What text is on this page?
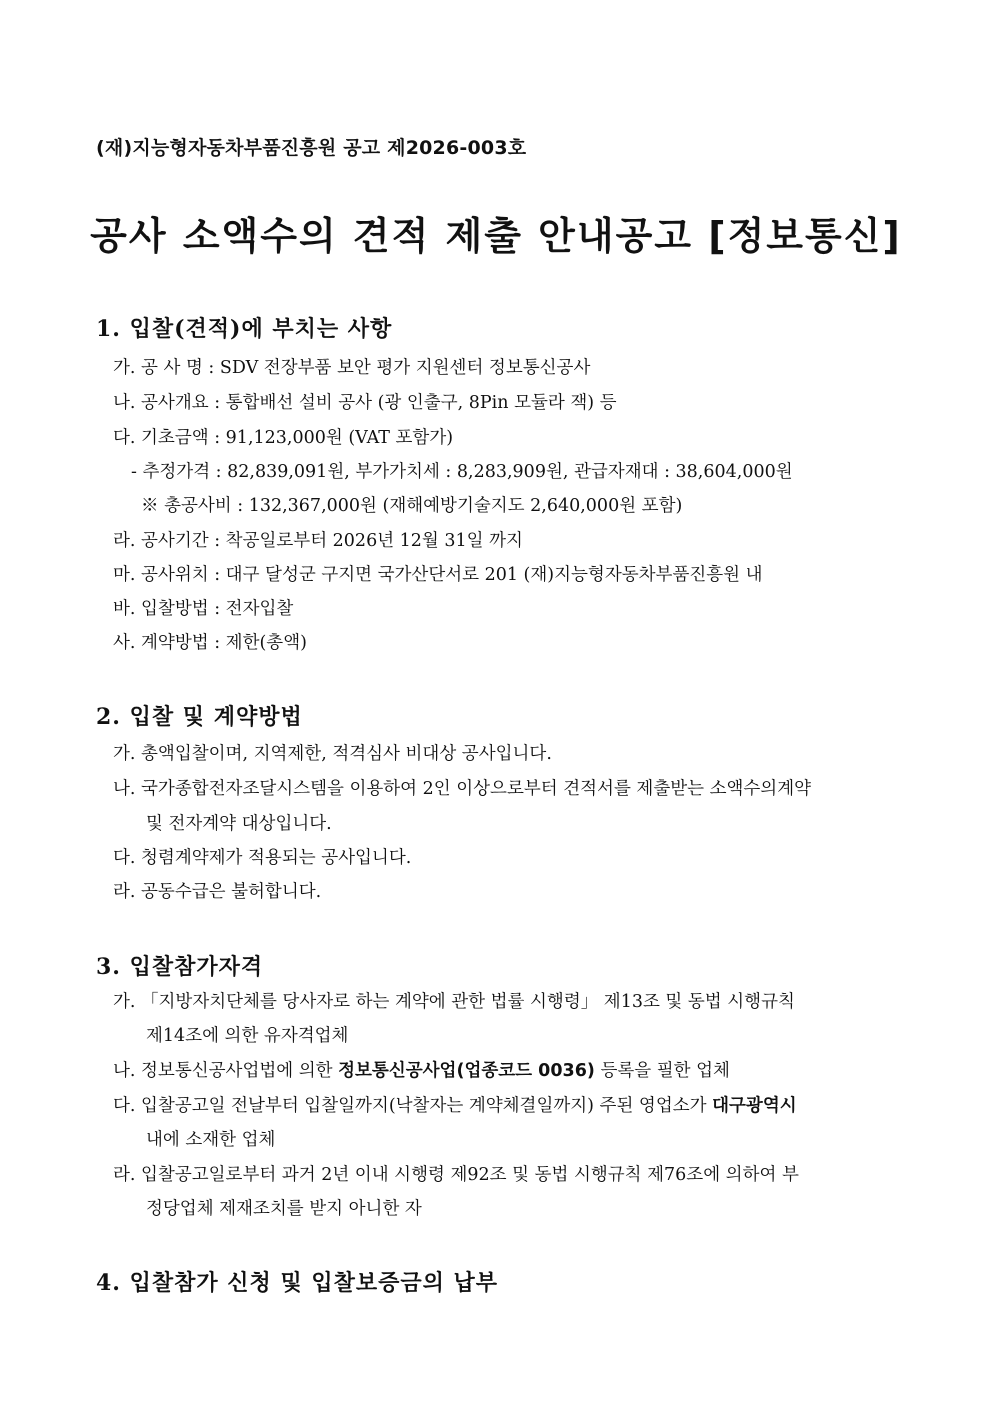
(재)지능형자동차부품진흥원 공고 제2026-003호
공사 소액수의 견적 제출 안내공고 [정보통신]
1. 입찰(견적)에 부치는 사항
가. 공 사 명 : SDV 전장부품 보안 평가 지원센터 정보통신공사
나. 공사개요 : 통합배선 설비 공사 (광 인출구, 8Pin 모듈라 잭) 등
다. 기초금액 : 91,123,000원 (VAT 포함가)
- 추정가격 : 82,839,091원, 부가가치세 : 8,283,909원, 관급자재대 : 38,604,000원
※ 총공사비 : 132,367,000원 (재해예방기술지도 2,640,000원 포함)
라. 공사기간 : 착공일로부터 2026년 12월 31일 까지
마. 공사위치 : 대구 달성군 구지면 국가산단서로 201 (재)지능형자동차부품진흥원 내
바. 입찰방법 : 전자입찰
사. 계약방법 : 제한(총액)
2. 입찰 및 계약방법
가. 총액입찰이며, 지역제한, 적격심사 비대상 공사입니다.
나. 국가종합전자조달시스템을 이용하여 2인 이상으로부터 견적서를 제출받는 소액수의계약
및 전자계약 대상입니다.
다. 청렴계약제가 적용되는 공사입니다.
라. 공동수급은 불허합니다.
3. 입찰참가자격
가. 「지방자치단체를 당사자로 하는 계약에 관한 법률 시행령」 제13조 및 동법 시행규칙
제14조에 의한 유자격업체
나. 정보통신공사업법에 의한 정보통신공사업(업종코드 0036) 등록을 필한 업체
다. 입찰공고일 전날부터 입찰일까지(낙찰자는 계약체결일까지) 주된 영업소가 대구광역시
내에 소재한 업체
라. 입찰공고일로부터 과거 2년 이내 시행령 제92조 및 동법 시행규칙 제76조에 의하여 부
정당업체 제재조치를 받지 아니한 자
4. 입찰참가 신청 및 입찰보증금의 납부
